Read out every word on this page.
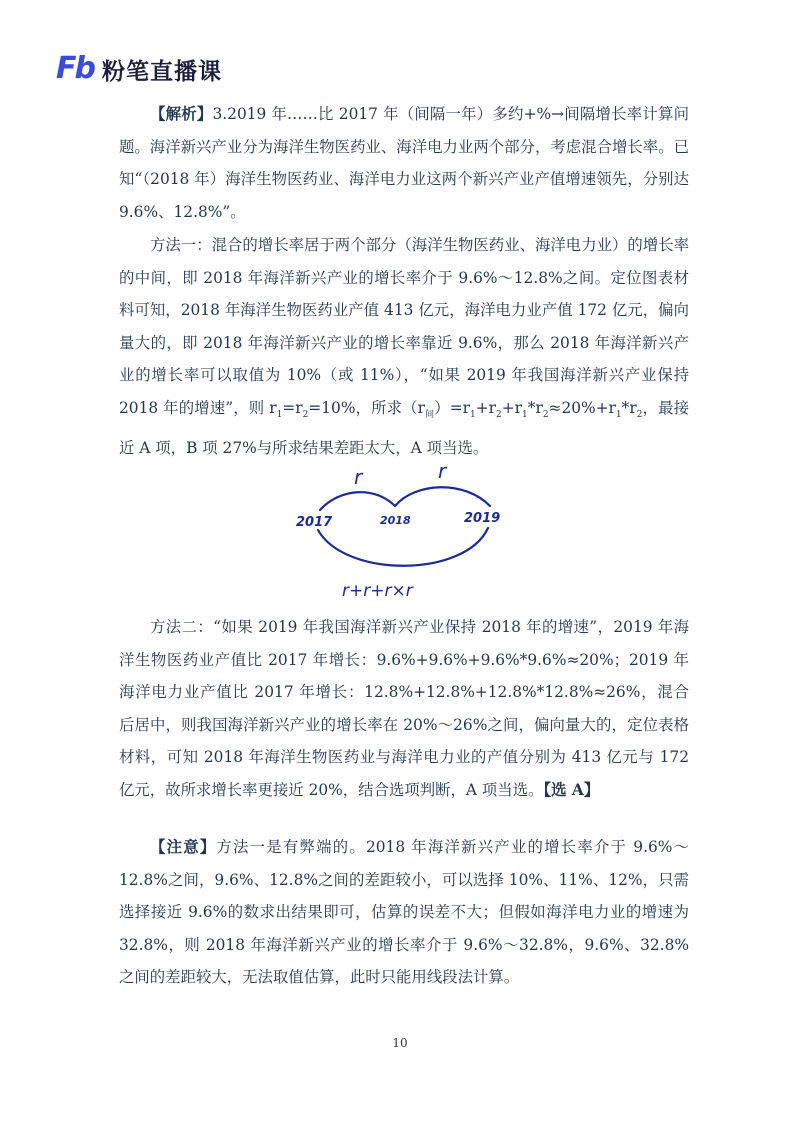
Fb 粉笔直播课

【解析】3.2019 年……比 2017 年（间隔一年）多约+%→间隔增长率计算问题。海洋新兴产业分为海洋生物医药业、海洋电力业两个部分，考虑混合增长率。已知“（2018 年）海洋生物医药业、海洋电力业这两个新兴产业产值增速领先，分别达 9.6%、12.8%”。

方法一：混合的增长率居于两个部分（海洋生物医药业、海洋电力业）的增长率的中间，即 2018 年海洋新兴产业的增长率介于 9.6%～12.8%之间。定位图表材料可知，2018 年海洋生物医药业产值 413 亿元，海洋电力业产值 172 亿元，偏向量大的，即 2018 年海洋新兴产业的增长率靠近 9.6%，那么 2018 年海洋新兴产业的增长率可以取值为 10%（或 11%），“如果 2019 年我国海洋新兴产业保持 2018 年的增速”，则 $r_1=r_2=10\%$，所求$(r_间)=r_1+r_2+r_1*r_2\approx 20\%+r_1*r_2$，最接近 A 项，B 项 27%与所求结果差距太大，A 项当选。

r	r
2017	2018	2019
r+r+r×r

方法二：“如果 2019 年我国海洋新兴产业保持 2018 年的增速”，2019 年海洋生物医药业产值比 2017 年增长：9.6%+9.6%+9.6%*9.6%≈20%；2019 年海洋电力业产值比 2017 年增长：12.8%+12.8%+12.8%*12.8%≈26%，混合后居中，则我国海洋新兴产业的增长率在 20%～26%之间，偏向量大的，定位表格材料，可知 2018 年海洋生物医药业与海洋电力业的产值分别为 413 亿元与 172 亿元，故所求增长率更接近 20%，结合选项判断，A 项当选。【选 A】

【注意】方法一是有弊端的。2018 年海洋新兴产业的增长率介于 9.6%～12.8%之间，9.6%、12.8%之间的差距较小，可以选择 10%、11%、12%，只需选择接近 9.6%的数求出结果即可，估算的误差不大；但假如海洋电力业的增速为 32.8%，则 2018 年海洋新兴产业的增长率介于 9.6%～32.8%，9.6%、32.8%之间的差距较大，无法取值估算，此时只能用线段法计算。

10
